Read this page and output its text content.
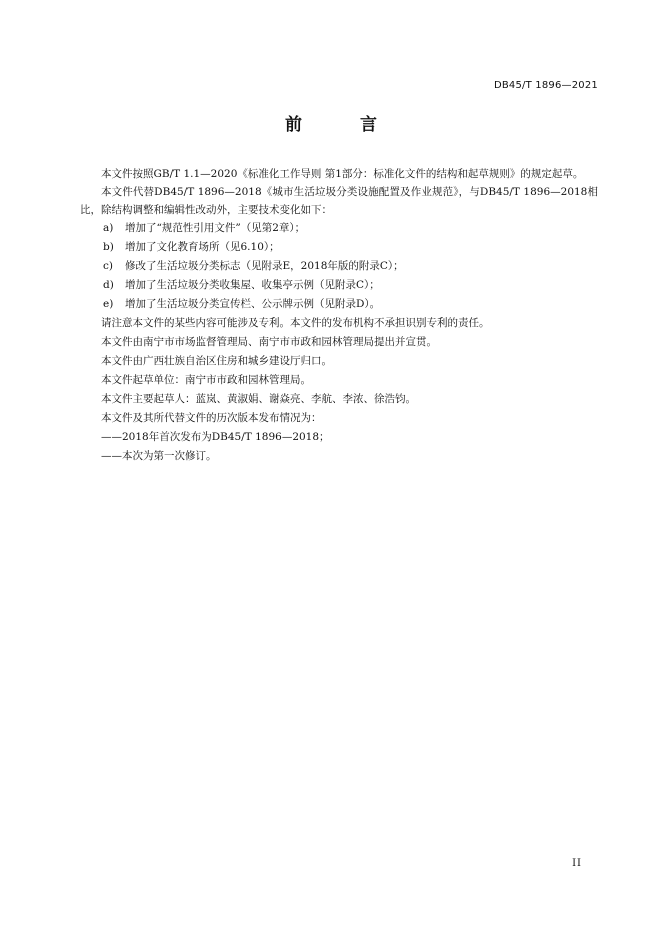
DB45/T 1896—2021
前 言

本文件按照GB/T 1.1—2020《标准化工作导则 第1部分：标准化文件的结构和起草规则》的规定起草。

本文件代替DB45/T 1896—2018《城市生活垃圾分类设施配置及作业规范》，与DB45/T 1896—2018相比，除结构调整和编辑性改动外，主要技术变化如下：

a) 增加了“规范性引用文件”（见第2章）；

b) 增加了文化教育场所（见6.10）；

c) 修改了生活垃圾分类标志（见附录E，2018年版的附录C）；

d) 增加了生活垃圾分类收集屋、收集亭示例（见附录C）；

e) 增加了生活垃圾分类宣传栏、公示牌示例（见附录D）。

请注意本文件的某些内容可能涉及专利。本文件的发布机构不承担识别专利的责任。

本文件由南宁市市场监督管理局、南宁市市政和园林管理局提出并宣贯。

本文件由广西壮族自治区住房和城乡建设厅归口。

本文件起草单位：南宁市市政和园林管理局。

本文件主要起草人：蓝岚、黄淑娟、谢焱亮、李航、李浓、徐浩钧。

本文件及其所代替文件的历次版本发布情况为：

——2018年首次发布为DB45/T 1896—2018；

——本次为第一次修订。

II
